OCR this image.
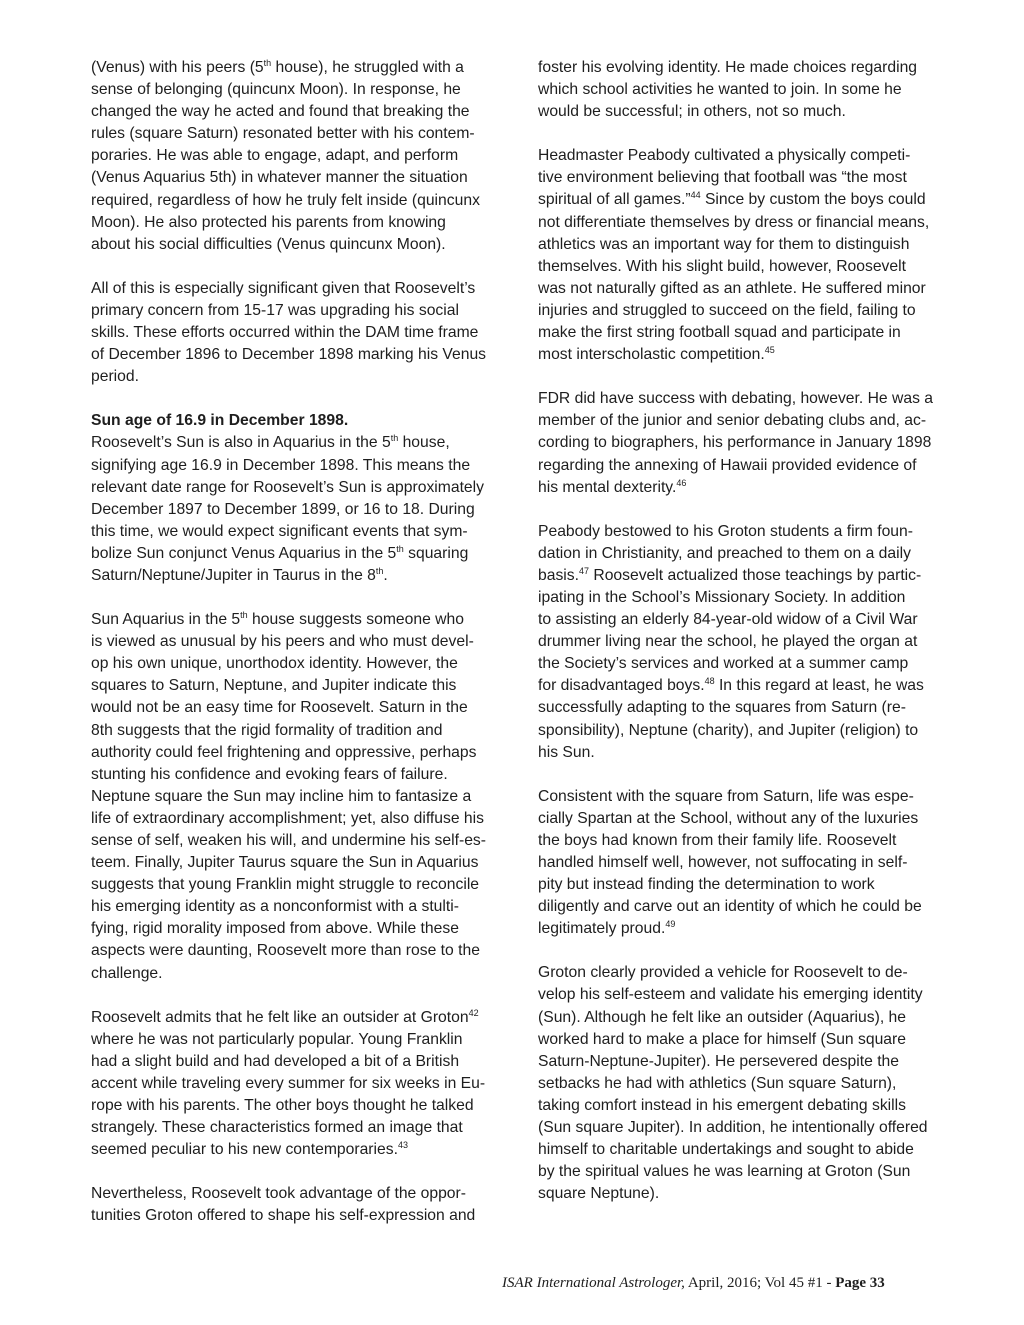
(Venus) with his peers (5th house), he struggled with a
sense of belonging (quincunx Moon). In response, he
changed the way he acted and found that breaking the
rules (square Saturn) resonated better with his contem-
poraries. He was able to engage, adapt, and perform
(Venus Aquarius 5th) in whatever manner the situation
required, regardless of how he truly felt inside (quincunx
Moon). He also protected his parents from knowing
about his social difficulties (Venus quincunx Moon).

All of this is especially significant given that Roosevelt’s
primary concern from 15-17 was upgrading his social
skills. These efforts occurred within the DAM time frame
of December 1896 to December 1898 marking his Venus
period.

Sun age of 16.9 in December 1898.

Roosevelt’s Sun is also in Aquarius in the 5th house,
signifying age 16.9 in December 1898. This means the
relevant date range for Roosevelt’s Sun is approximately
December 1897 to December 1899, or 16 to 18. During
this time, we would expect significant events that sym-
bolize Sun conjunct Venus Aquarius in the 5th squaring
Saturn/Neptune/Jupiter in Taurus in the 8th.

Sun Aquarius in the 5th house suggests someone who
is viewed as unusual by his peers and who must devel-
op his own unique, unorthodox identity. However, the
squares to Saturn, Neptune, and Jupiter indicate this
would not be an easy time for Roosevelt. Saturn in the
8th suggests that the rigid formality of tradition and
authority could feel frightening and oppressive, perhaps
stunting his confidence and evoking fears of failure.
Neptune square the Sun may incline him to fantasize a
life of extraordinary accomplishment; yet, also diffuse his
sense of self, weaken his will, and undermine his self-es-
teem. Finally, Jupiter Taurus square the Sun in Aquarius
suggests that young Franklin might struggle to reconcile
his emerging identity as a nonconformist with a stulti-
fying, rigid morality imposed from above. While these
aspects were daunting, Roosevelt more than rose to the
challenge.

Roosevelt admits that he felt like an outsider at Groton$^{42}$
where he was not particularly popular. Young Franklin
had a slight build and had developed a bit of a British
accent while traveling every summer for six weeks in Eu-
rope with his parents. The other boys thought he talked
strangely. These characteristics formed an image that
seemed peculiar to his new contemporaries.$^{43}$

Nevertheless, Roosevelt took advantage of the oppor-
tunities Groton offered to shape his self-expression and

foster his evolving identity. He made choices regarding
which school activities he wanted to join. In some he
would be successful; in others, not so much.

Headmaster Peabody cultivated a physically competi-
tive environment believing that football was “the most
spiritual of all games.”$^{44}$ Since by custom the boys could
not differentiate themselves by dress or financial means,
athletics was an important way for them to distinguish
themselves. With his slight build, however, Roosevelt
was not naturally gifted as an athlete. He suffered minor
injuries and struggled to succeed on the field, failing to
make the first string football squad and participate in
most interscholastic competition.$^{45}$

FDR did have success with debating, however. He was a
member of the junior and senior debating clubs and, ac-
cording to biographers, his performance in January 1898
regarding the annexing of Hawaii provided evidence of
his mental dexterity.$^{46}$

Peabody bestowed to his Groton students a firm foun-
dation in Christianity, and preached to them on a daily
basis.$^{47}$ Roosevelt actualized those teachings by partic-
ipating in the School’s Missionary Society. In addition
to assisting an elderly 84-year-old widow of a Civil War
drummer living near the school, he played the organ at
the Society’s services and worked at a summer camp
for disadvantaged boys.$^{48}$ In this regard at least, he was
successfully adapting to the squares from Saturn (re-
sponsibility), Neptune (charity), and Jupiter (religion) to
his Sun.

Consistent with the square from Saturn, life was espe-
cially Spartan at the School, without any of the luxuries
the boys had known from their family life. Roosevelt
handled himself well, however, not suffocating in self-
pity but instead finding the determination to work
diligently and carve out an identity of which he could be
legitimately proud.$^{49}$

Groton clearly provided a vehicle for Roosevelt to de-
velop his self-esteem and validate his emerging identity
(Sun). Although he felt like an outsider (Aquarius), he
worked hard to make a place for himself (Sun square
Saturn-Neptune-Jupiter). He persevered despite the
setbacks he had with athletics (Sun square Saturn),
taking comfort instead in his emergent debating skills
(Sun square Jupiter). In addition, he intentionally offered
himself to charitable undertakings and sought to abide
by the spiritual values he was learning at Groton (Sun
square Neptune).

ISAR International Astrologer, April, 2016; Vol 45 #1 - Page 33
